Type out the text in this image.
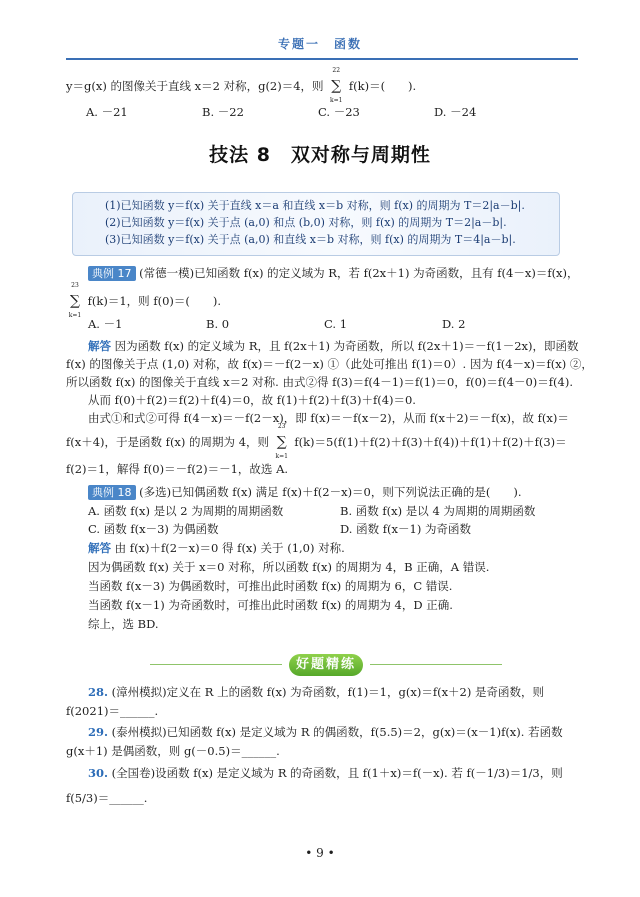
专题一　函数
y＝g(x) 的图像关于直线 x＝2 对称，g(2)＝4，则 ∑
22
k=1
f(k)＝(　　).
A. －21	B. －22	C. －23	D. －24
技法 8　双对称与周期性
(1)已知函数 y＝f(x) 关于直线 x＝a 和直线 x＝b 对称，则 f(x) 的周期为 T＝2|a－b|.
(2)已知函数 y＝f(x) 关于点 (a,0) 和点 (b,0) 对称，则 f(x) 的周期为 T＝2|a－b|.
(3)已知函数 y＝f(x) 关于点 (a,0) 和直线 x＝b 对称，则 f(x) 的周期为 T＝4|a－b|.
典例 17 (常德一模)已知函数 f(x) 的定义域为 R，若 f(2x＋1) 为奇函数，且有 f(4－x)＝f(x)，
∑
23
k=1
f(k)＝1，则 f(0)＝(　　).
A. －1	B. 0	C. 1	D. 2
解答 因为函数 f(x) 的定义域为 R，且 f(2x＋1) 为奇函数，所以 f(2x＋1)＝－f(1－2x)，即函数
f(x) 的图像关于点 (1,0) 对称，故 f(x)＝－f(2－x) ①（此处可推出 f(1)＝0）. 因为 f(4－x)＝f(x) ②，
所以函数 f(x) 的图像关于直线 x＝2 对称. 由式②得 f(3)＝f(4－1)＝f(1)＝0，f(0)＝f(4－0)＝f(4).
从而 f(0)＋f(2)＝f(2)＋f(4)＝0，故 f(1)＋f(2)＋f(3)＋f(4)＝0.
由式①和式②可得 f(4－x)＝－f(2－x)，即 f(x)＝－f(x－2)，从而 f(x＋2)＝－f(x)，故 f(x)＝
f(x＋4)，于是函数 f(x) 的周期为 4，则 ∑
23
k=1
f(k)＝5(f(1)＋f(2)＋f(3)＋f(4))＋f(1)＋f(2)＋f(3)＝
f(2)＝1，解得 f(0)＝－f(2)＝－1，故选 A.
典例 18 (多选)已知偶函数 f(x) 满足 f(x)＋f(2－x)＝0，则下列说法正确的是(　　).
A. 函数 f(x) 是以 2 为周期的周期函数	B. 函数 f(x) 是以 4 为周期的周期函数
C. 函数 f(x－3) 为偶函数	D. 函数 f(x－1) 为奇函数
解答 由 f(x)＋f(2－x)＝0 得 f(x) 关于 (1,0) 对称.
因为偶函数 f(x) 关于 x＝0 对称，所以函数 f(x) 的周期为 4，B 正确，A 错误.
当函数 f(x－3) 为偶函数时，可推出此时函数 f(x) 的周期为 6，C 错误.
当函数 f(x－1) 为奇函数时，可推出此时函数 f(x) 的周期为 4，D 正确.
综上，选 BD.
好题精练
28. (漳州模拟)定义在 R 上的函数 f(x) 为奇函数，f(1)＝1，g(x)＝f(x＋2) 是奇函数，则
f(2021)＝______.
29. (泰州模拟)已知函数 f(x) 是定义域为 R 的偶函数，f(5.5)＝2，g(x)＝(x－1)f(x). 若函数
g(x＋1) 是偶函数，则 g(－0.5)＝______.
30. (全国卷)设函数 f(x) 是定义域为 R 的奇函数，且 f(1＋x)＝f(－x). 若 f(－1/3)＝1/3，则
f(5/3)＝______.
• 9 •
